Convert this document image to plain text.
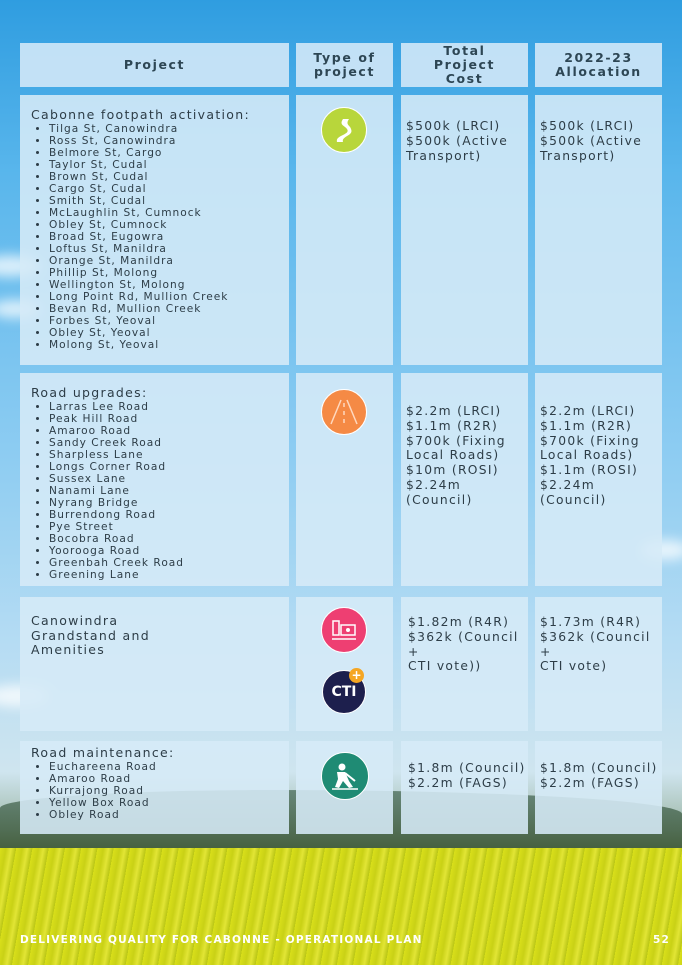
Project	Type of project
Total Project Cost
2022-23 Allocation

Cabonne footpath activation:

• Tilga St, Canowindra
• Ross St, Canowindra
• Belmore St, Cargo
• Taylor St, Cudal
• Brown St, Cudal
• Cargo St, Cudal
• Smith St, Cudal
• McLaughlin St, Cumnock
• Obley St, Cumnock
• Broad St, Eugowra
• Loftus St, Manildra
• Orange St, Manildra
• Phillip St, Molong
• Wellington St, Molong
• Long Point Rd, Mullion Creek
• Bevan Rd, Mullion Creek
• Forbes St, Yeoval
• Obley St, Yeoval
• Molong St, Yeoval
$500k (LRCI)
$500k (Active
Transport)
$500k (LRCI)
$500k (Active
Transport)

Road upgrades:

• Larras Lee Road
• Peak Hill Road
• Amaroo Road
• Sandy Creek Road
• Sharpless Lane
• Longs Corner Road
• Sussex Lane
• Nanami Lane
• Nyrang Bridge
• Burrendong Road
• Pye Street
• Bocobra Road
• Yoorooga Road
• Greenbah Creek Road
• Greening Lane
$2.2m (LRCI)
$1.1m (R2R)
$700k (Fixing
Local Roads)
$10m (ROSI)
$2.24m (Council)
$2.2m (LRCI)
$1.1m (R2R)
$700k (Fixing
Local Roads)
$1.1m (ROSI)
$2.24m (Council)

Canowindra
Grandstand and
Amenities

CTI
+
$1.82m (R4R)
$362k (Council +
CTI vote))
$1.73m (R4R)
$362k (Council +
CTI vote)

Road maintenance:

• Euchareena Road
• Amaroo Road
• Kurrajong Road
• Yellow Box Road
• Obley Road
$1.8m (Council)
$2.2m (FAGS)
$1.8m (Council)
$2.2m (FAGS)
DELIVERING QUALITY FOR CABONNE - OPERATIONAL PLAN	52
